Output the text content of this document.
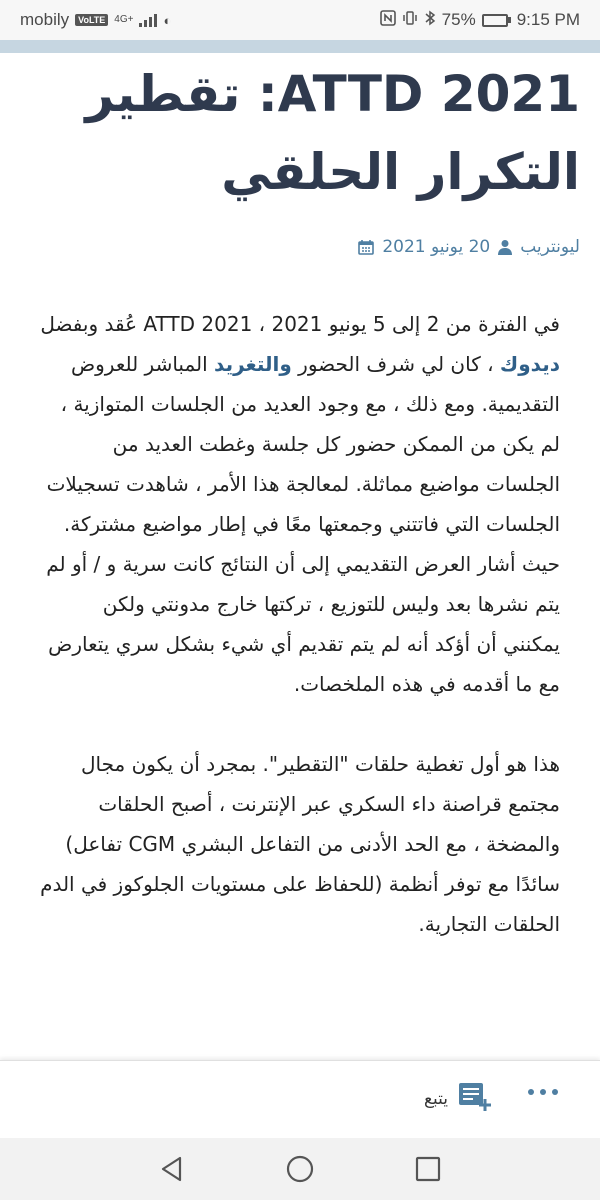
mobily	VoLTE 4G+ ◐	75% 9:15 PM
ATTD 2021: تقطير التكرار الحلقي
ليونتريب
20 يونيو 2021

في الفترة من 2 إلى 5 يونيو 2021 ، ATTD 2021 عُقد وبفضل ديدوك ، كان لي شرف الحضور والتغريد المباشر للعروض التقديمية. ومع ذلك ، مع وجود العديد من الجلسات المتوازية ، لم يكن من الممكن حضور كل جلسة وغطت العديد من الجلسات مواضيع مماثلة. لمعالجة هذا الأمر ، شاهدت تسجيلات الجلسات التي فاتتني وجمعتها معًا في إطار مواضيع مشتركة. حيث أشار العرض التقديمي إلى أن النتائج كانت سرية و / أو لم يتم نشرها بعد وليس للتوزيع ، تركتها خارج مدونتي ولكن يمكنني أن أؤكد أنه لم يتم تقديم أي شيء بشكل سري يتعارض مع ما أقدمه في هذه الملخصات.

هذا هو أول تغطية حلقات "التقطير". بمجرد أن يكون مجال مجتمع قراصنة داء السكري عبر الإنترنت ، أصبح الحلقات والمضخة ، مع الحد الأدنى من التفاعل البشري CGM تفاعل) سائدًا مع توفر أنظمة (للحفاظ على مستويات الجلوكوز في الدم الحلقات التجارية.

يتبع
